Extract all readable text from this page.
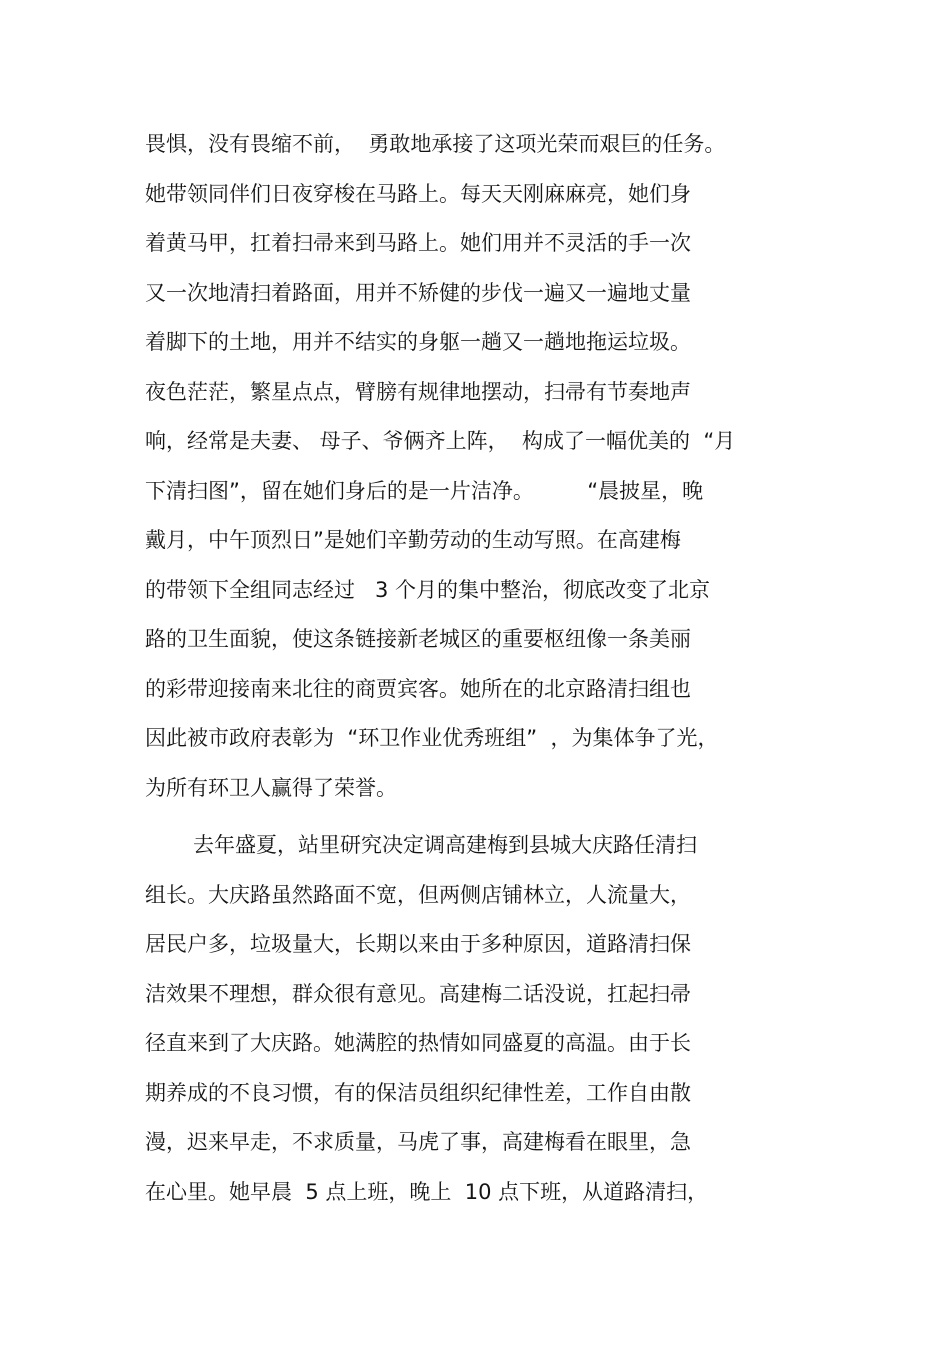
畏惧，没有畏缩不前，  勇敢地承接了这项光荣而艰巨的任务。

她带领同伴们日夜穿梭在马路上。每天天刚麻麻亮，她们身

着黄马甲，扛着扫帚来到马路上。她们用并不灵活的手一次

又一次地清扫着路面，用并不矫健的步伐一遍又一遍地丈量

着脚下的土地，用并不结实的身躯一趟又一趟地拖运垃圾。

夜色茫茫，繁星点点，臂膀有规律地摆动，扫帚有节奏地声

响，经常是夫妻、 母子、爷俩齐上阵，  构成了一幅优美的  “月

下清扫图”，留在她们身后的是一片洁净。        “晨披星，晚

戴月，中午顶烈日”是她们辛勤劳动的生动写照。在高建梅

的带领下全组同志经过   3 个月的集中整治，彻底改变了北京

路的卫生面貌，使这条链接新老城区的重要枢纽像一条美丽

的彩带迎接南来北往的商贾宾客。她所在的北京路清扫组也

因此被市政府表彰为  “环卫作业优秀班组”  ，为集体争了光，

为所有环卫人赢得了荣誉。

去年盛夏，站里研究决定调高建梅到县城大庆路任清扫

组长。大庆路虽然路面不宽，但两侧店铺林立，人流量大，

居民户多，垃圾量大，长期以来由于多种原因，道路清扫保

洁效果不理想，群众很有意见。高建梅二话没说，扛起扫帚

径直来到了大庆路。她满腔的热情如同盛夏的高温。由于长

期养成的不良习惯，有的保洁员组织纪律性差，工作自由散

漫，迟来早走，不求质量，马虎了事，高建梅看在眼里，急

在心里。她早晨  5 点上班，晚上  10 点下班，从道路清扫，
